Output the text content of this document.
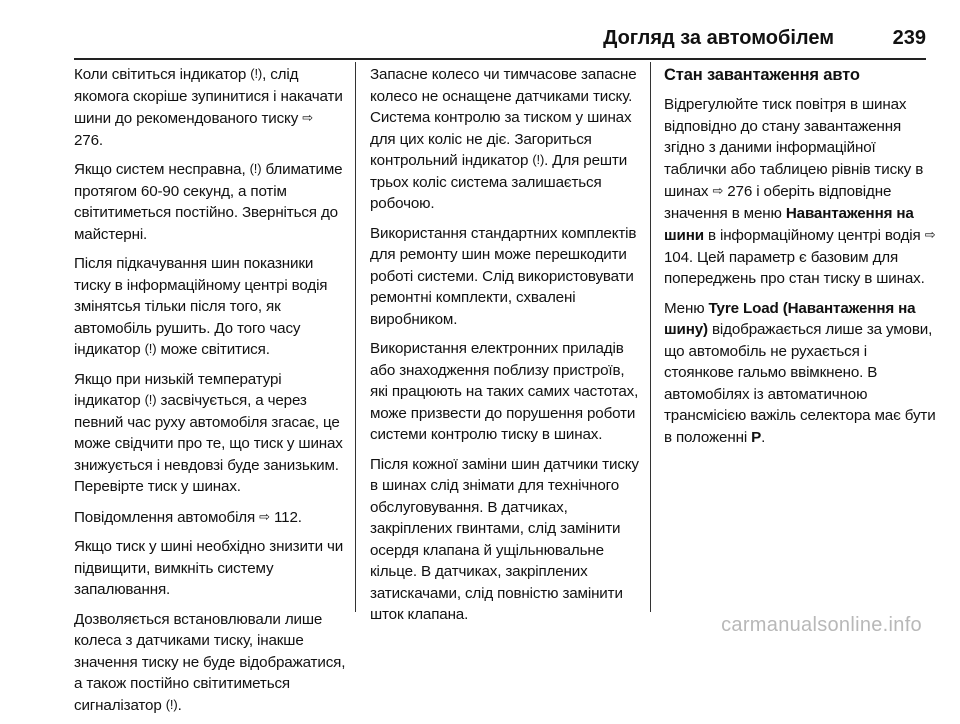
Догляд за автомобілем	239

Коли світиться індикатор (!), слід якомога скоріше зупинитися і накачати шини до рекомендованого тиску ⇨ 276.

Якщо систем несправна, (!) блиматиме протягом 60-90 секунд, а потім світитиметься постійно. Зверніться до майстерні.

Після підкачування шин показники тиску в інформаційному центрі водія змінятсья тільки після того, як автомобіль рушить. До того часу індикатор (!) може світитися.

Якщо при низькій температурі індикатор (!) засвічується, а через певний час руху автомобіля згасає, це може свідчити про те, що тиск у шинах знижується і невдовзі буде занизьким. Перевірте тиск у шинах.

Повідомлення автомобіля ⇨ 112.

Якщо тиск у шині необхідно знизити чи підвищити, вимкніть систему запалювання.

Дозволяється встановлювали лише колеса з датчиками тиску, інакше значення тиску не буде відображатися, а також постійно світитиметься сигналізатор (!).

Запасне колесо чи тимчасове запасне колесо не оснащене датчиками тиску. Система контролю за тиском у шинах для цих коліс не діє. Загориться контрольний індикатор (!). Для решти трьох коліс система залишається робочою.

Використання стандартних комплектів для ремонту шин може перешкодити роботі системи. Слід використовувати ремонтні комплекти, схвалені виробником.

Використання електронних приладів або знаходження поблизу пристроїв, які працюють на таких самих частотах, може призвести до порушення роботи системи контролю тиску в шинах.

Після кожної заміни шин датчики тиску в шинах слід знімати для технічного обслуговування. В датчиках, закріплених гвинтами, слід замінити осердя клапана й ущільнювальне кільце. В датчиках, закріплених затискачами, слід повністю замінити шток клапана.

Стан завантаження авто

Відрегулюйте тиск повітря в шинах відповідно до стану завантаження згідно з даними інформаційної таблички або таблицею рівнів тиску в шинах ⇨ 276 і оберіть відповідне значення в меню Навантаження на шини в інформаційному центрі водія ⇨ 104. Цей параметр є базовим для попереджень про стан тиску в шинах.

Меню Tyre Load (Навантаження на шину) відображається лише за умови, що автомобіль не рухається і стоянкове гальмо ввімкнено. В автомобілях із автоматичною трансмісією важіль селектора має бути в положенні P.

carmanualsonline.info
